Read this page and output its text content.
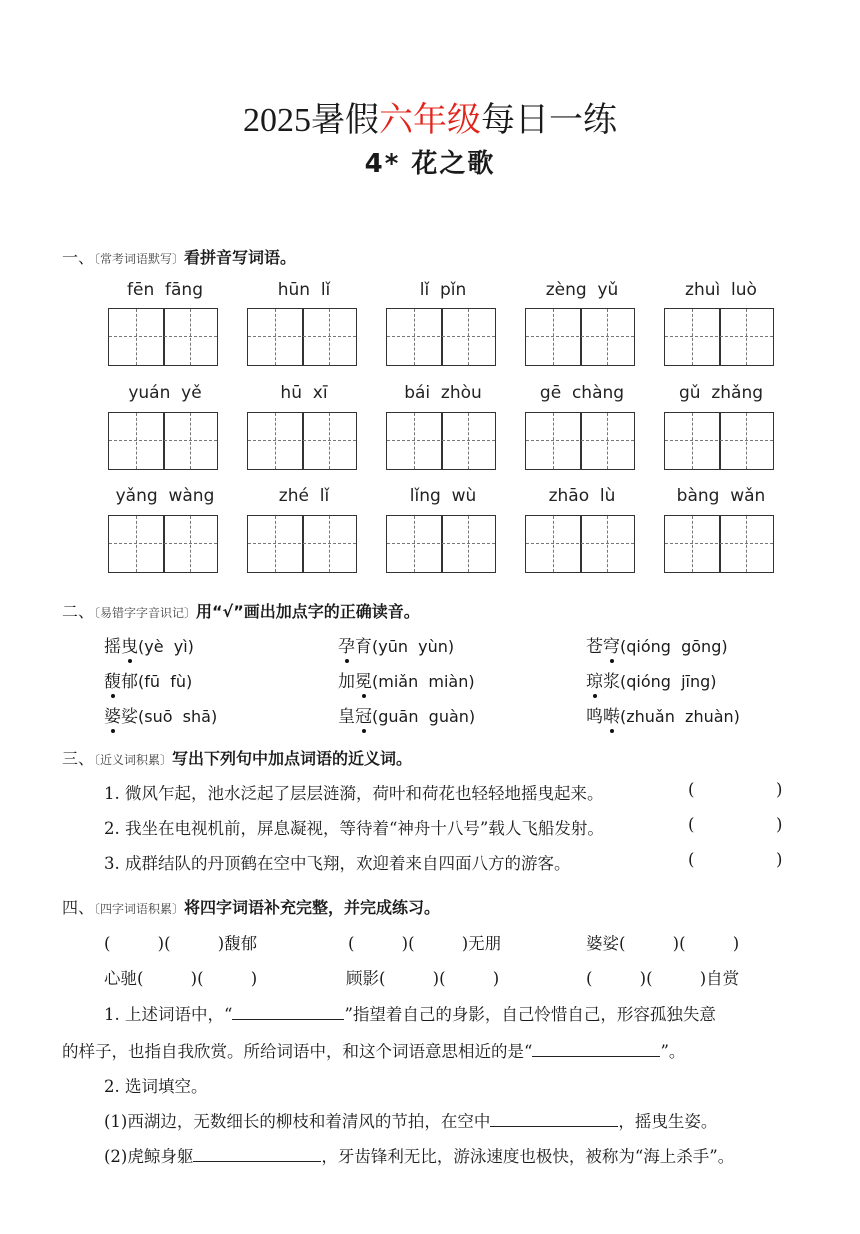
2025暑假六年级每日一练
4* 花之歌
一、〔常考词语默写〕看拼音写词语。
fēn  fāng	hūn  lǐ	lǐ  pǐn	zèng  yǔ	zhuì  luò
yuán  yě	hū  xī	bái  zhòu	gē  chàng	gǔ  zhǎng
yǎng  wàng	zhé  lǐ	lǐng  wù	zhāo  lù	bàng  wǎn
二、〔易错字字音识记〕用“√”画出加点字的正确读音。
摇曳(yè  yì)	孕育(yūn  yùn)	苍穹(qióng  gōng)
馥郁(fū  fù)	加冕(miǎn  miàn)	琼浆(qióng  jīng)
婆娑(suō  shā)	皇冠(guān  guàn)	鸣啭(zhuǎn  zhuàn)
三、〔近义词积累〕写出下列句中加点词语的近义词。
1. 微风乍起，池水泛起了层层涟漪，荷叶和荷花也轻轻地摇曳起来。
2. 我坐在电视机前，屏息凝视，等待着“神舟十八号”载人飞船发射。
3. 成群结队的丹顶鹤在空中飞翔，欢迎着来自四面八方的游客。
(	)
(	)
(	)
四、〔四字词语积累〕将四字词语补充完整，并完成练习。
(         )(         )馥郁	(         )(         )无朋	婆娑(         )(         )
心驰(         )(         )	顾影(         )(         )	(         )(         )自赏
1. 上述词语中，“	”指望着自己的身影，自己怜惜自己，形容孤独失意
的样子，也指自我欣赏。所给词语中，和这个词语意思相近的是“	”。
2. 选词填空。
(1)西湖边，无数细长的柳枝和着清风的节拍，在空中	，摇曳生姿。
(2)虎鲸身躯	，牙齿锋利无比，游泳速度也极快，被称为“海上杀手”。
